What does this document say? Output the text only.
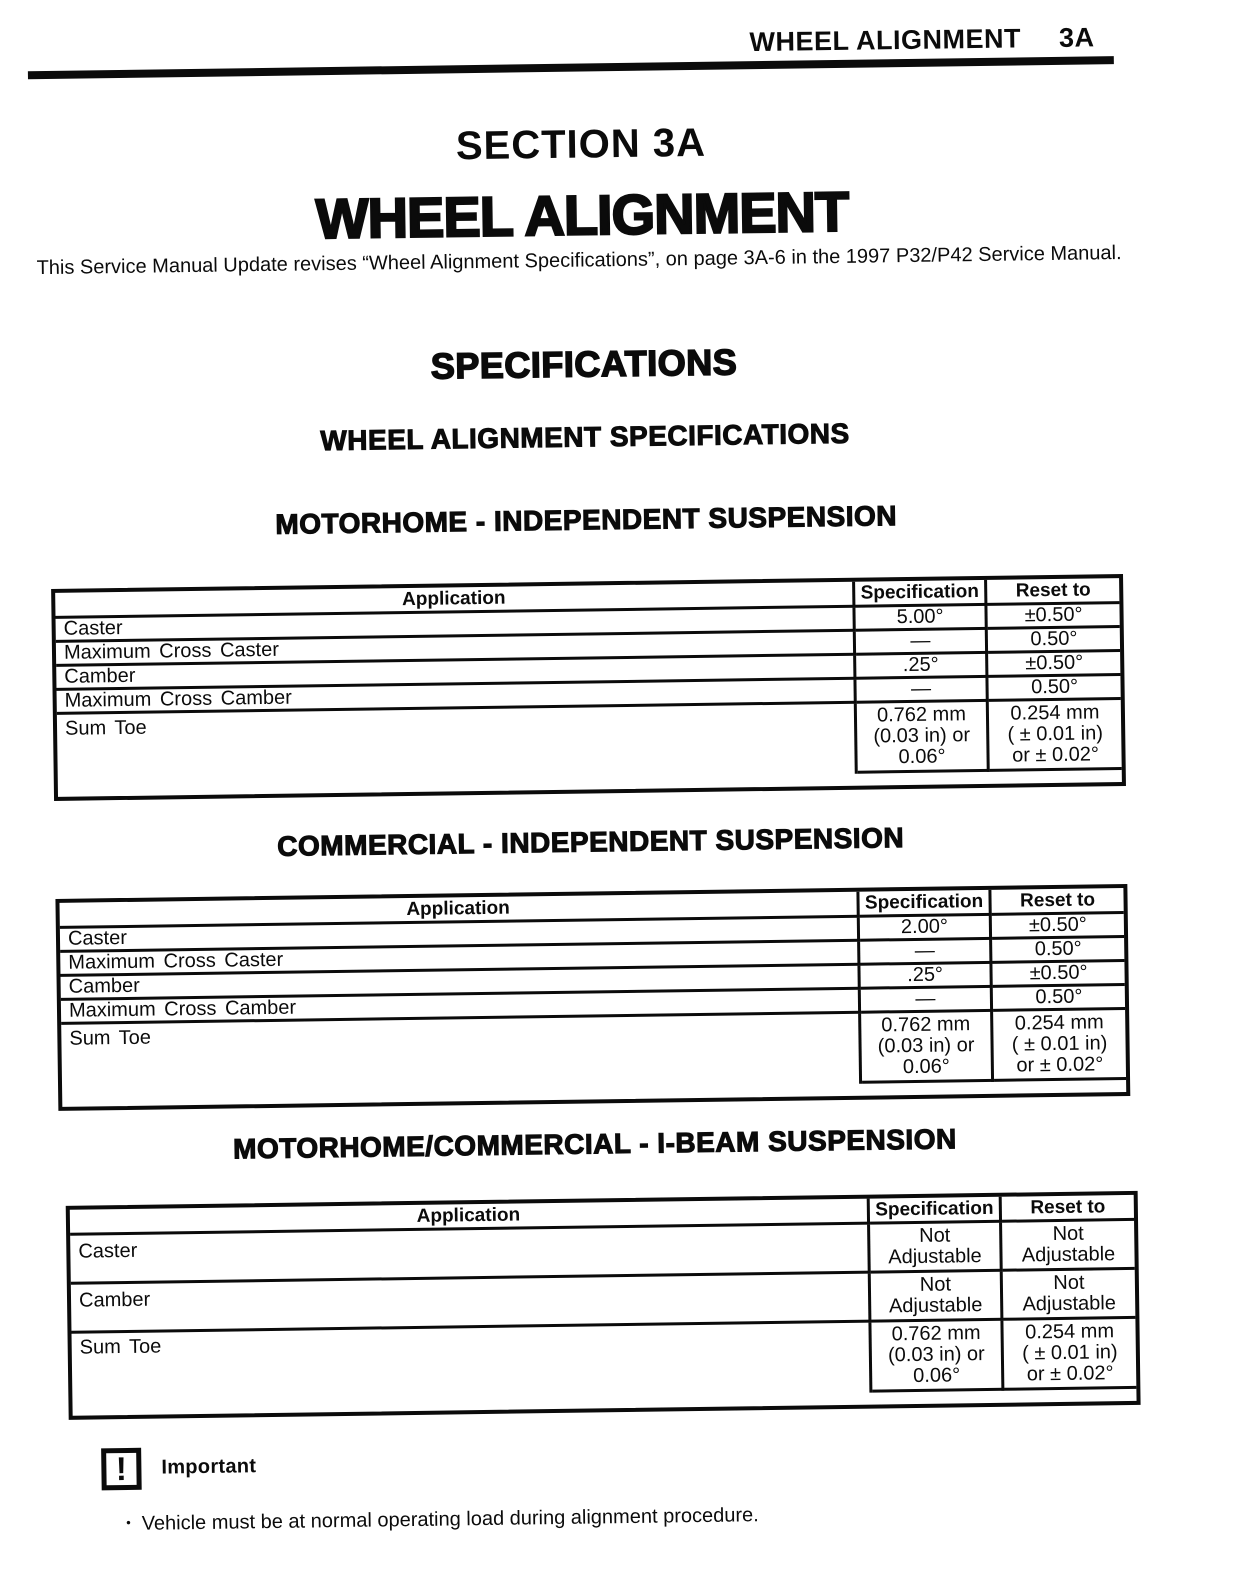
WHEEL ALIGNMENT 3A
SECTION 3A
WHEEL ALIGNMENT

This Service Manual Update revises “Wheel Alignment Specifications”, on page 3A-6 in the 1997 P32/P42 Service Manual.

SPECIFICATIONS
WHEEL ALIGNMENT SPECIFICATIONS
MOTORHOME - INDEPENDENT SUSPENSION
Application	Specification	Reset to
Caster	5.00°	±0.50°
Maximum Cross Caster	—	0.50°
Camber	.25°	±0.50°
Maximum Cross Camber	—	0.50°
Sum Toe	0.762 mm (0.03 in) or 0.06°	0.254 mm ( ± 0.01 in) or ± 0.02°
COMMERCIAL - INDEPENDENT SUSPENSION
Application	Specification	Reset to
Caster	2.00°	±0.50°
Maximum Cross Caster	—	0.50°
Camber	.25°	±0.50°
Maximum Cross Camber	—	0.50°
Sum Toe	0.762 mm (0.03 in) or 0.06°	0.254 mm ( ± 0.01 in) or ± 0.02°
MOTORHOME/COMMERCIAL - I-BEAM SUSPENSION
Application	Specification	Reset to
Caster	Not Adjustable	Not Adjustable
Camber	Not Adjustable	Not Adjustable
Sum Toe	0.762 mm (0.03 in) or 0.06°	0.254 mm ( ± 0.01 in) or ± 0.02°
!	Important
• Vehicle must be at normal operating load during alignment procedure.
